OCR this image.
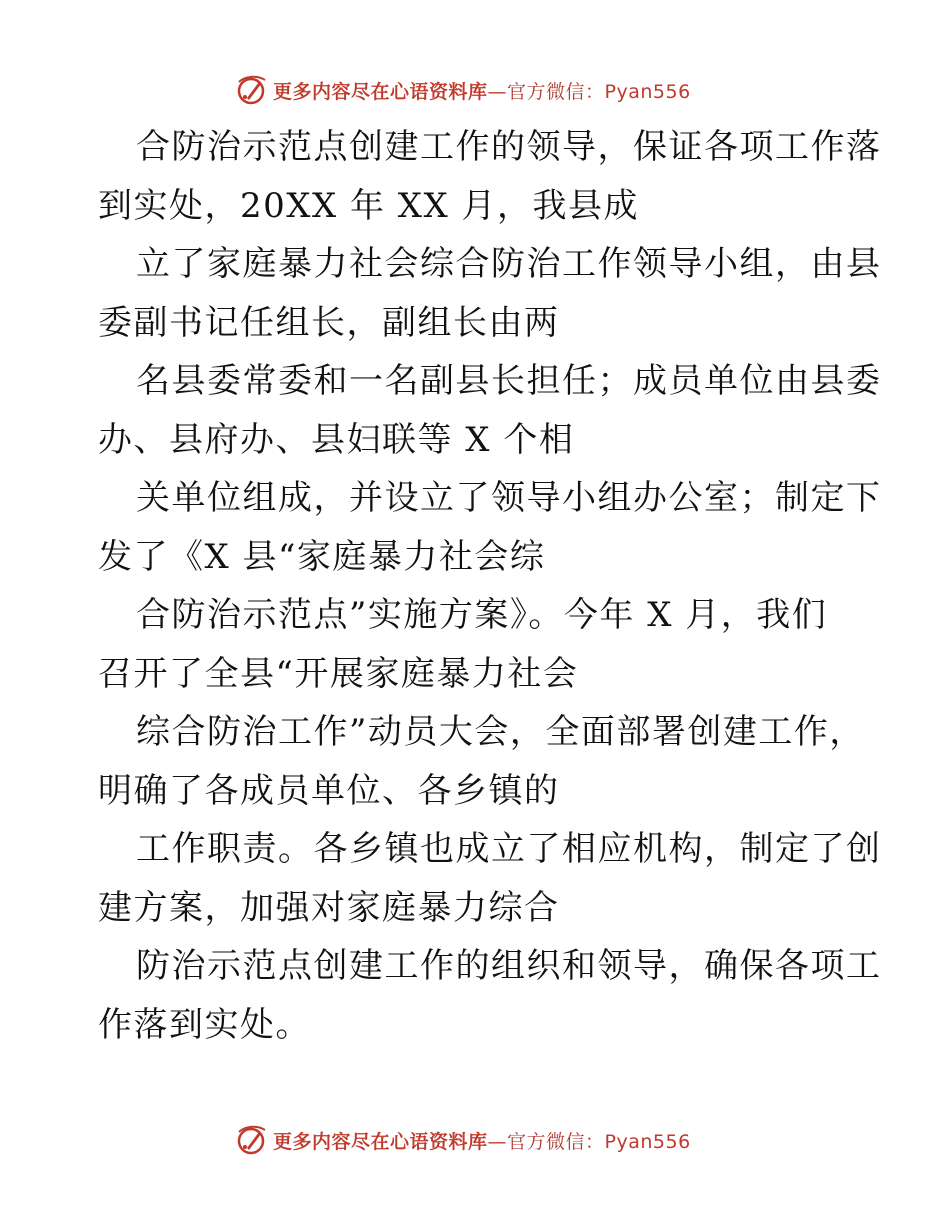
更多内容尽在心语资料库—官方微信：Pyan556
合防治示范点创建工作的领导，保证各项工作落
到实处，20XX 年 XX 月，我县成
立了家庭暴力社会综合防治工作领导小组，由县
委副书记任组长，副组长由两
名县委常委和一名副县长担任；成员单位由县委
办、县府办、县妇联等 X 个相
关单位组成，并设立了领导小组办公室；制定下
发了《X 县“家庭暴力社会综
合防治示范点”实施方案》。今年 X 月，我们
召开了全县“开展家庭暴力社会
综合防治工作”动员大会，全面部署创建工作，
明确了各成员单位、各乡镇的
工作职责。各乡镇也成立了相应机构，制定了创
建方案，加强对家庭暴力综合
防治示范点创建工作的组织和领导，确保各项工
作落到实处。
更多内容尽在心语资料库—官方微信：Pyan556
